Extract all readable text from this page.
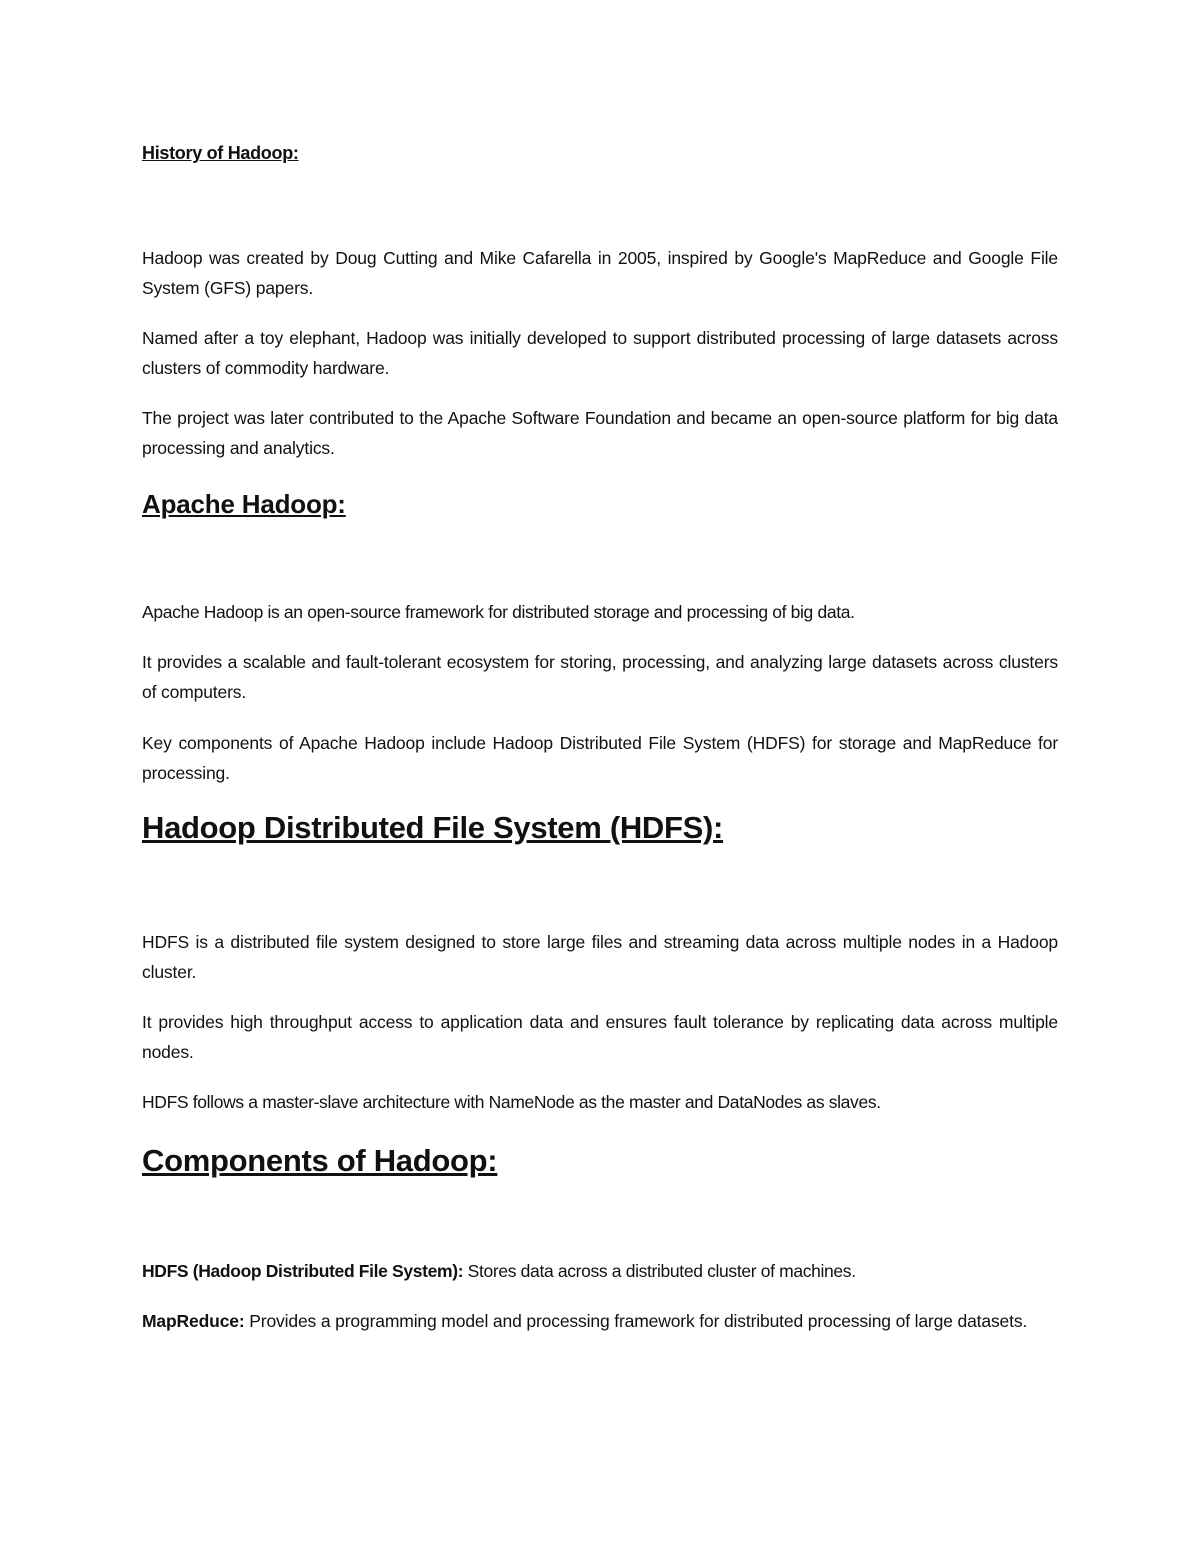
History of Hadoop:

Hadoop was created by Doug Cutting and Mike Cafarella in 2005, inspired by Google's MapReduce and Google File System (GFS) papers.

Named after a toy elephant, Hadoop was initially developed to support distributed processing of large datasets across clusters of commodity hardware.

The project was later contributed to the Apache Software Foundation and became an open-source platform for big data processing and analytics.

Apache Hadoop:

Apache Hadoop is an open-source framework for distributed storage and processing of big data.

It provides a scalable and fault-tolerant ecosystem for storing, processing, and analyzing large datasets across clusters of computers.

Key components of Apache Hadoop include Hadoop Distributed File System (HDFS) for storage and MapReduce for processing.

Hadoop Distributed File System (HDFS):

HDFS is a distributed file system designed to store large files and streaming data across multiple nodes in a Hadoop cluster.

It provides high throughput access to application data and ensures fault tolerance by replicating data across multiple nodes.

HDFS follows a master-slave architecture with NameNode as the master and DataNodes as slaves.

Components of Hadoop:

HDFS (Hadoop Distributed File System): Stores data across a distributed cluster of machines.

MapReduce: Provides a programming model and processing framework for distributed processing of large datasets.
